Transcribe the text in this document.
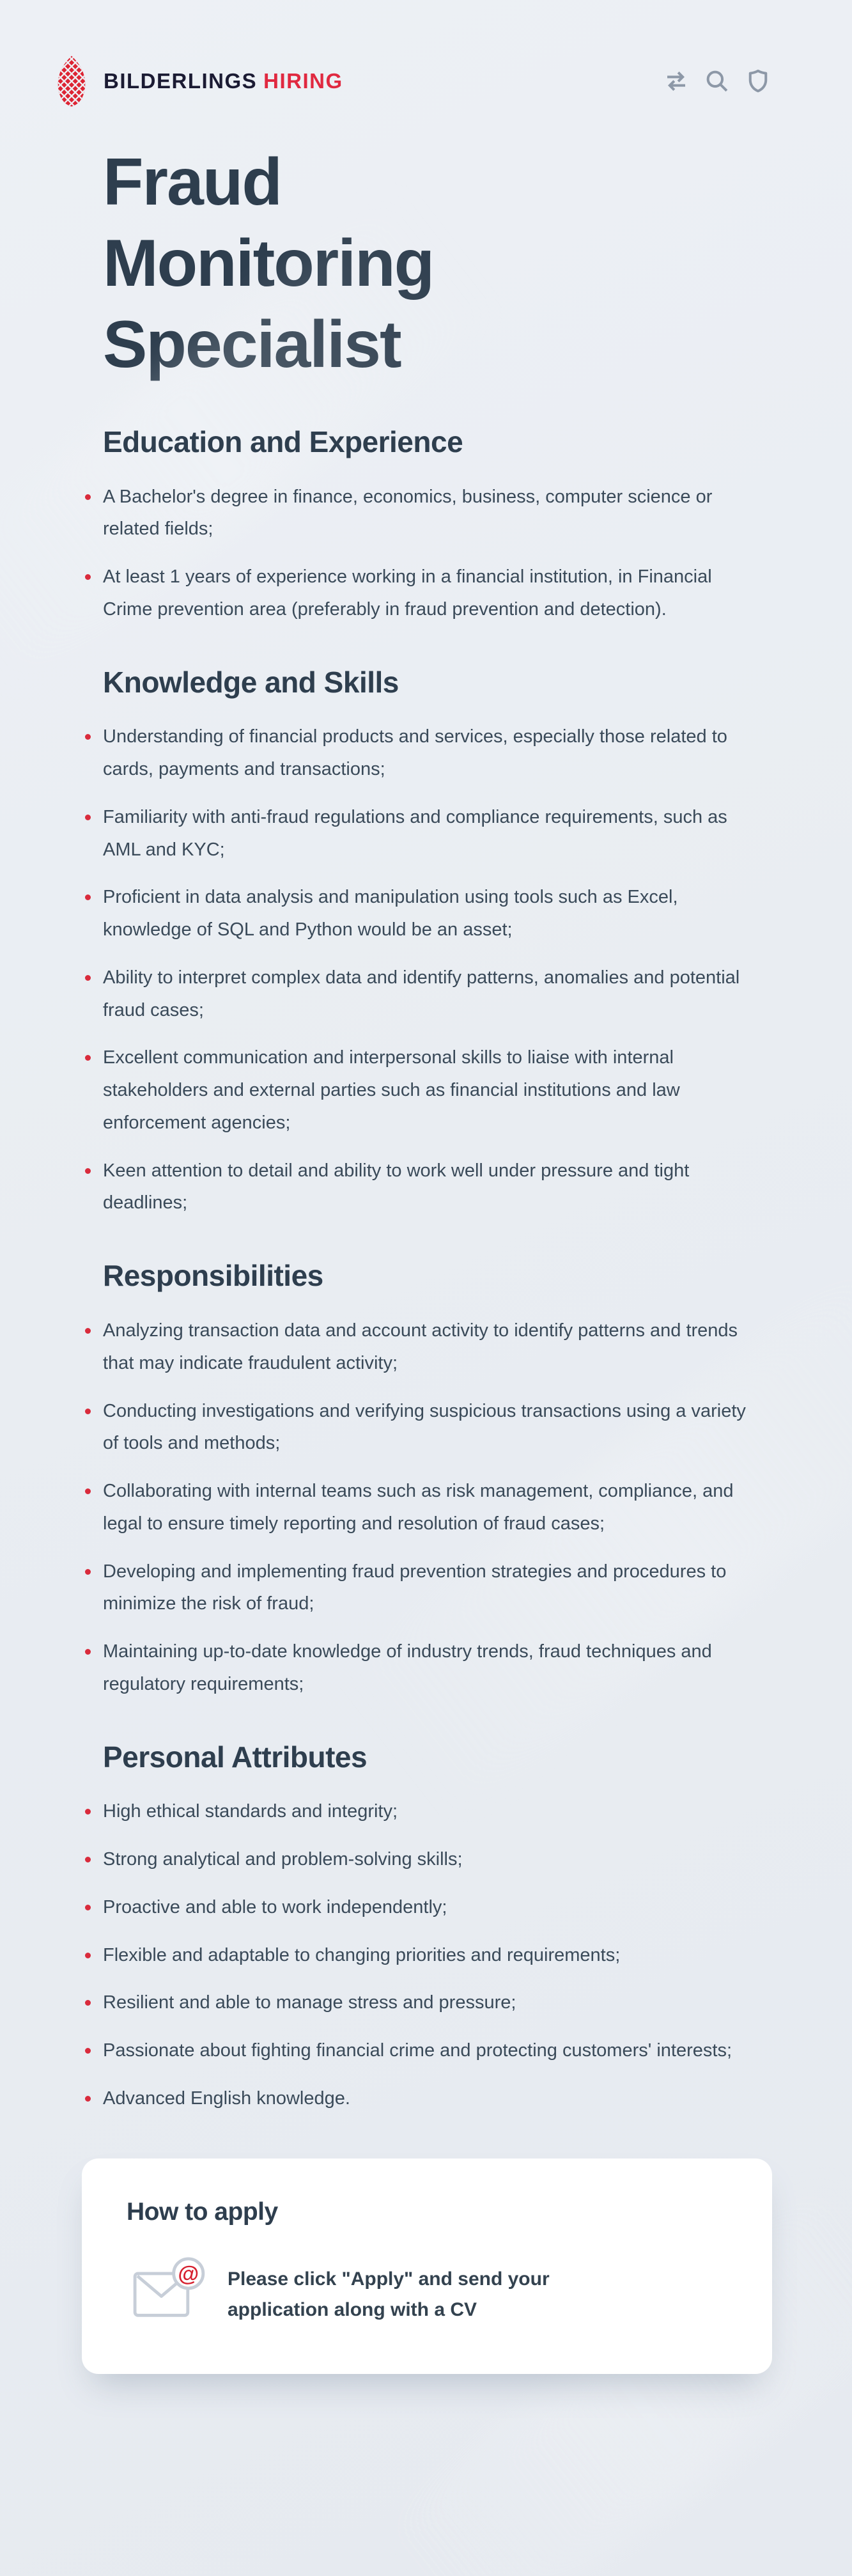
BILDERLINGS HIRING
Fraud
Monitoring
Specialist
Education and Experience
A Bachelor's degree in finance, economics, business, computer science or related fields;
At least 1 years of experience working in a financial institution, in Financial Crime prevention area (preferably in fraud prevention and detection).
Knowledge and Skills
Understanding of financial products and services, especially those related to cards, payments and transactions;
Familiarity with anti-fraud regulations and compliance requirements, such as AML and KYC;
Proficient in data analysis and manipulation using tools such as Excel, knowledge of SQL and Python would be an asset;
Ability to interpret complex data and identify patterns, anomalies and potential fraud cases;
Excellent communication and interpersonal skills to liaise with internal stakeholders and external parties such as financial institutions and law enforcement agencies;
Keen attention to detail and ability to work well under pressure and tight deadlines;
Responsibilities
Analyzing transaction data and account activity to identify patterns and trends that may indicate fraudulent activity;
Conducting investigations and verifying suspicious transactions using a variety of tools and methods;
Collaborating with internal teams such as risk management, compliance, and legal to ensure timely reporting and resolution of fraud cases;
Developing and implementing fraud prevention strategies and procedures to minimize the risk of fraud;
Maintaining up-to-date knowledge of industry trends, fraud techniques and regulatory requirements;
Personal Attributes
High ethical standards and integrity;
Strong analytical and problem-solving skills;
Proactive and able to work independently;
Flexible and adaptable to changing priorities and requirements;
Resilient and able to manage stress and pressure;
Passionate about fighting financial crime and protecting customers' interests;
Advanced English knowledge.
How to apply
@ Please click "Apply" and send your application along with a CV
